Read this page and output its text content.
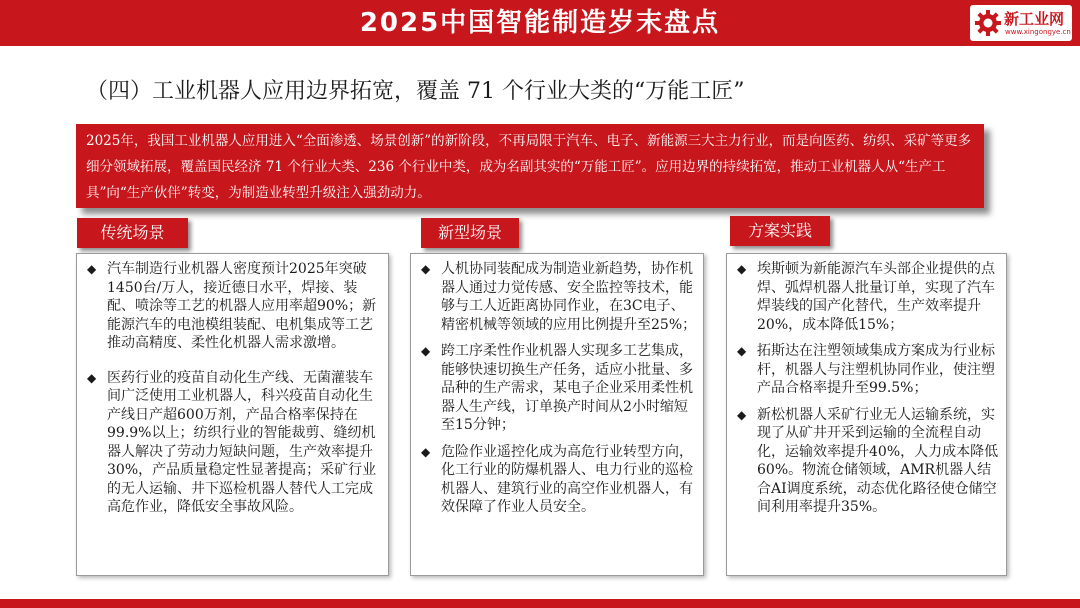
2025中国智能制造岁末盘点	新工业网
www.xingongye.cn
（四）工业机器人应用边界拓宽，覆盖 71 个行业大类的“万能工匠”
2025年，我国工业机器人应用进入“全面渗透、场景创新”的新阶段，不再局限于汽车、电子、新能源三大主力行业，而是向医药、纺织、采矿等更多细分领域拓展，覆盖国民经济 71 个行业大类、236 个行业中类，成为名副其实的“万能工匠”。应用边界的持续拓宽，推动工业机器人从“生产工具”向“生产伙伴”转变，为制造业转型升级注入强劲动力。
传统场景
◆ 汽车制造行业机器人密度预计2025年突破1450台/万人，接近德日水平，焊接、装配、喷涂等工艺的机器人应用率超90%；新能源汽车的电池模组装配、电机集成等工艺推动高精度、柔性化机器人需求激增。
◆ 医药行业的疫苗自动化生产线、无菌灌装车间广泛使用工业机器人，科兴疫苗自动化生产线日产超600万剂，产品合格率保持在99.9%以上；纺织行业的智能裁剪、缝纫机器人解决了劳动力短缺问题，生产效率提升30%，产品质量稳定性显著提高；采矿行业的无人运输、井下巡检机器人替代人工完成高危作业，降低安全事故风险。
新型场景
◆ 人机协同装配成为制造业新趋势，协作机器人通过力觉传感、安全监控等技术，能够与工人近距离协同作业，在3C电子、精密机械等领域的应用比例提升至25%；
◆ 跨工序柔性作业机器人实现多工艺集成，能够快速切换生产任务，适应小批量、多品种的生产需求，某电子企业采用柔性机器人生产线，订单换产时间从2小时缩短至15分钟；
◆ 危险作业遥控化成为高危行业转型方向，化工行业的防爆机器人、电力行业的巡检机器人、建筑行业的高空作业机器人，有效保障了作业人员安全。
方案实践
◆ 埃斯顿为新能源汽车头部企业提供的点焊、弧焊机器人批量订单，实现了汽车焊装线的国产化替代，生产效率提升20%，成本降低15%；
◆ 拓斯达在注塑领域集成方案成为行业标杆，机器人与注塑机协同作业，使注塑产品合格率提升至99.5%；
◆ 新松机器人采矿行业无人运输系统，实现了从矿井开采到运输的全流程自动化，运输效率提升40%，人力成本降低60%。物流仓储领域，AMR机器人结合AI调度系统，动态优化路径使仓储空间利用率提升35%。
